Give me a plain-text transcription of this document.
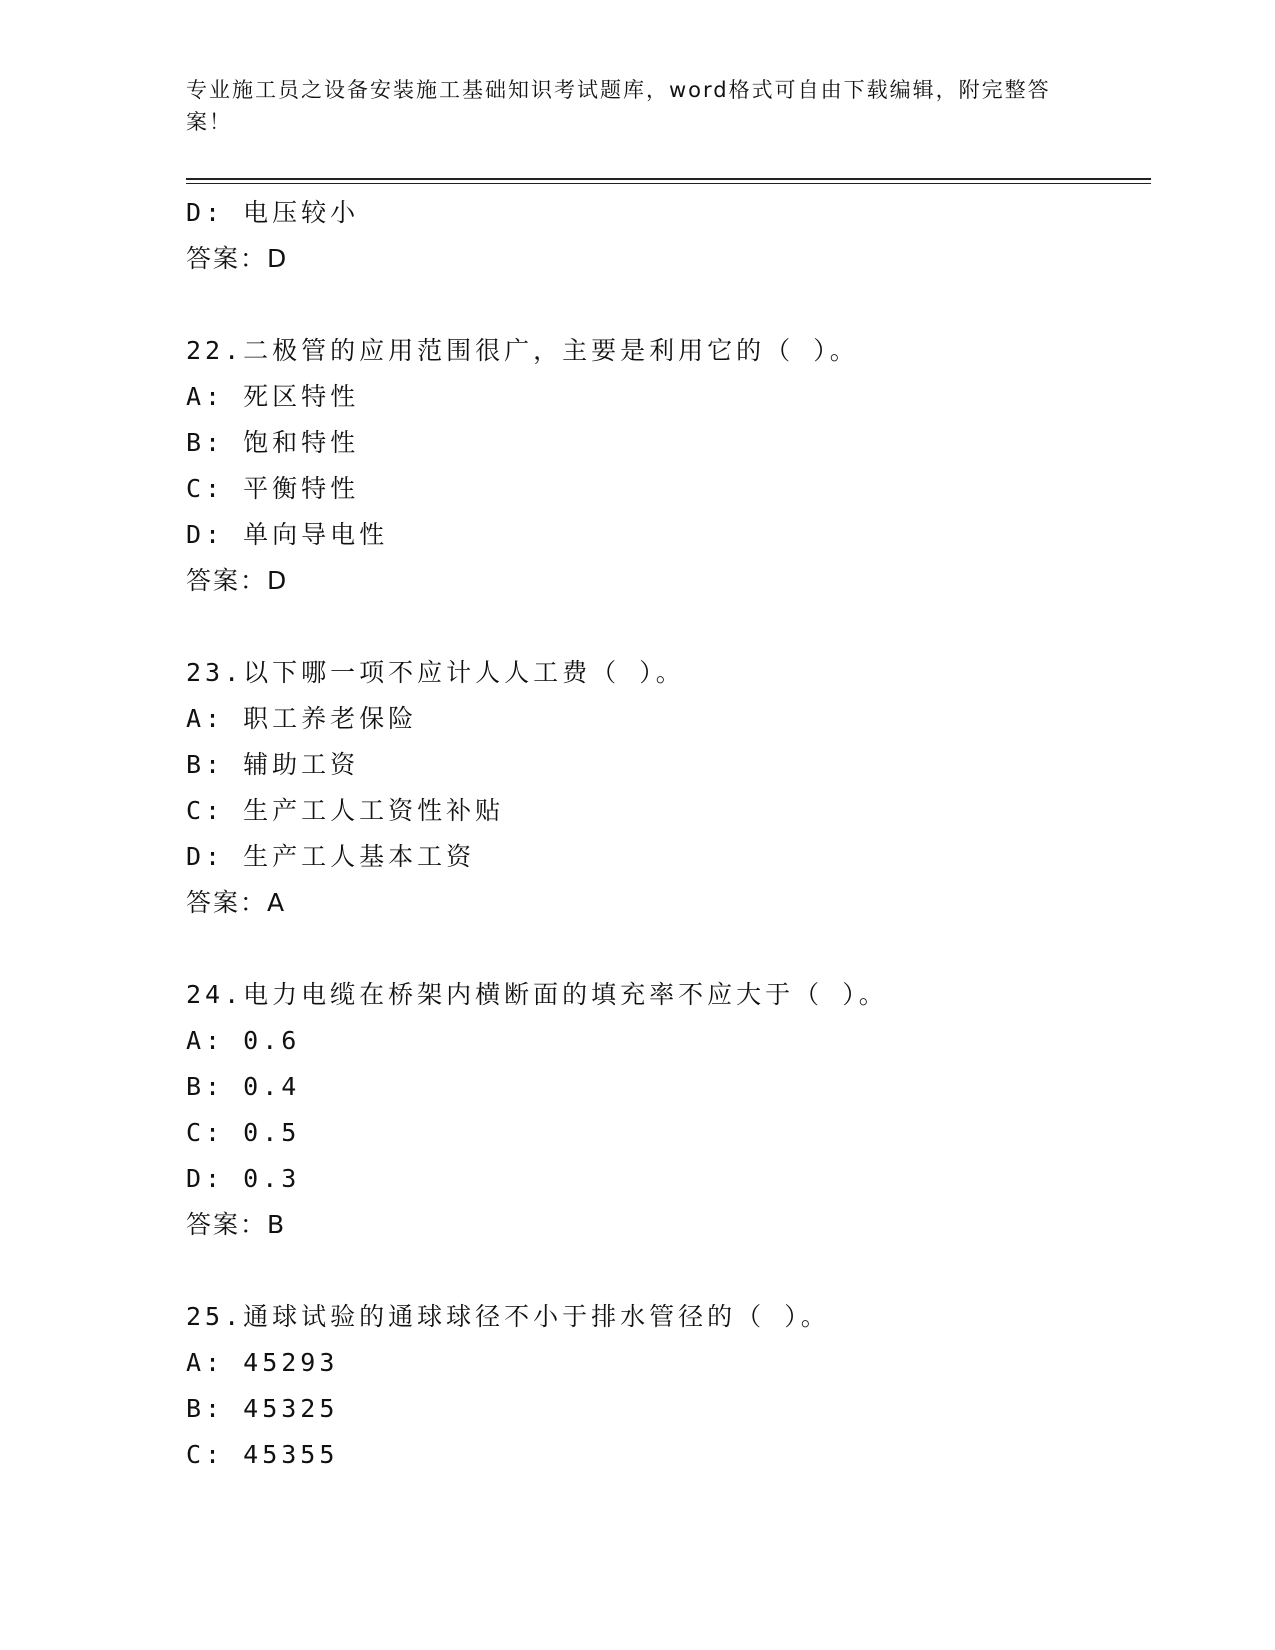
专业施工员之设备安装施工基础知识考试题库，word格式可自由下载编辑，附完整答案！
D: 电压较小
答案：D
22.二极管的应用范围很广，主要是利用它的（ ）。
A: 死区特性
B: 饱和特性
C: 平衡特性
D: 单向导电性
答案：D
23.以下哪一项不应计人人工费（ ）。
A: 职工养老保险
B: 辅助工资
C: 生产工人工资性补贴
D: 生产工人基本工资
答案：A
24.电力电缆在桥架内横断面的填充率不应大于（ ）。
A: 0.6
B: 0.4
C: 0.5
D: 0.3
答案：B
25.通球试验的通球球径不小于排水管径的（ ）。
A: 45293
B: 45325
C: 45355
